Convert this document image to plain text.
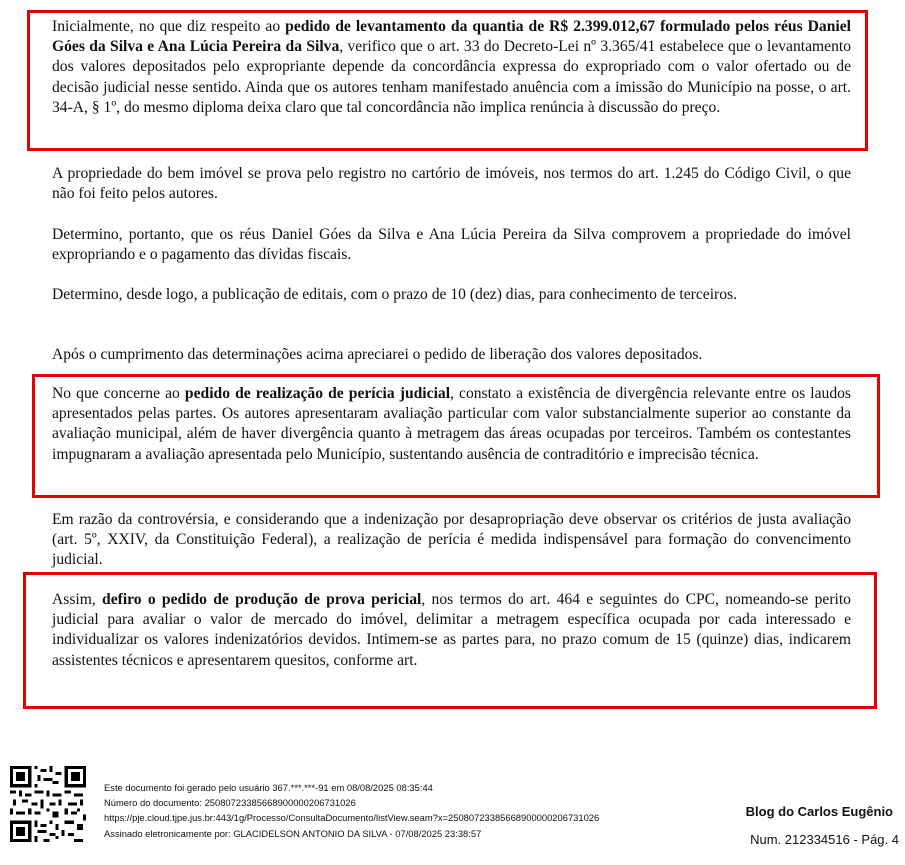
Inicialmente, no que diz respeito ao pedido de levantamento da quantia de R$ 2.399.012,67 formulado pelos réus Daniel Góes da Silva e Ana Lúcia Pereira da Silva, verifico que o art. 33 do Decreto-Lei nº 3.365/41 estabelece que o levantamento dos valores depositados pelo expropriante depende da concordância expressa do expropriado com o valor ofertado ou de decisão judicial nesse sentido. Ainda que os autores tenham manifestado anuência com a imissão do Município na posse, o art. 34-A, § 1º, do mesmo diploma deixa claro que tal concordância não implica renúncia à discussão do preço.

A propriedade do bem imóvel se prova pelo registro no cartório de imóveis, nos termos do art. 1.245 do Código Civil, o que não foi feito pelos autores.

Determino, portanto, que os réus Daniel Góes da Silva e Ana Lúcia Pereira da Silva comprovem a propriedade do imóvel expropriando e o pagamento das dívidas fiscais.

Determino, desde logo, a publicação de editais, com o prazo de 10 (dez) dias, para conhecimento de terceiros.

Após o cumprimento das determinações acima apreciarei o pedido de liberação dos valores depositados.

No que concerne ao pedido de realização de perícia judicial, constato a existência de divergência relevante entre os laudos apresentados pelas partes. Os autores apresentaram avaliação particular com valor substancialmente superior ao constante da avaliação municipal, além de haver divergência quanto à metragem das áreas ocupadas por terceiros. Também os contestantes impugnaram a avaliação apresentada pelo Município, sustentando ausência de contraditório e imprecisão técnica.

Em razão da controvérsia, e considerando que a indenização por desapropriação deve observar os critérios de justa avaliação (art. 5º, XXIV, da Constituição Federal), a realização de perícia é medida indispensável para formação do convencimento judicial.

Assim, defiro o pedido de produção de prova pericial, nos termos do art. 464 e seguintes do CPC, nomeando-se perito judicial para avaliar o valor de mercado do imóvel, delimitar a metragem específica ocupada por cada interessado e individualizar os valores indenizatórios devidos. Intimem-se as partes para, no prazo comum de 15 (quinze) dias, indicarem assistentes técnicos e apresentarem quesitos, conforme art.

Este documento foi gerado pelo usuário 367.***.***-91 em 08/08/2025 08:35:44
Número do documento: 25080723385668900000206731026
https://pje.cloud.tjpe.jus.br:443/1g/Processo/ConsultaDocumento/listView.seam?x=25080723385668900000206731026
Assinado eletronicamente por: GLACIDELSON ANTONIO DA SILVA - 07/08/2025 23:38:57
Blog do Carlos Eugênio
Num. 212334516 - Pág. 4
